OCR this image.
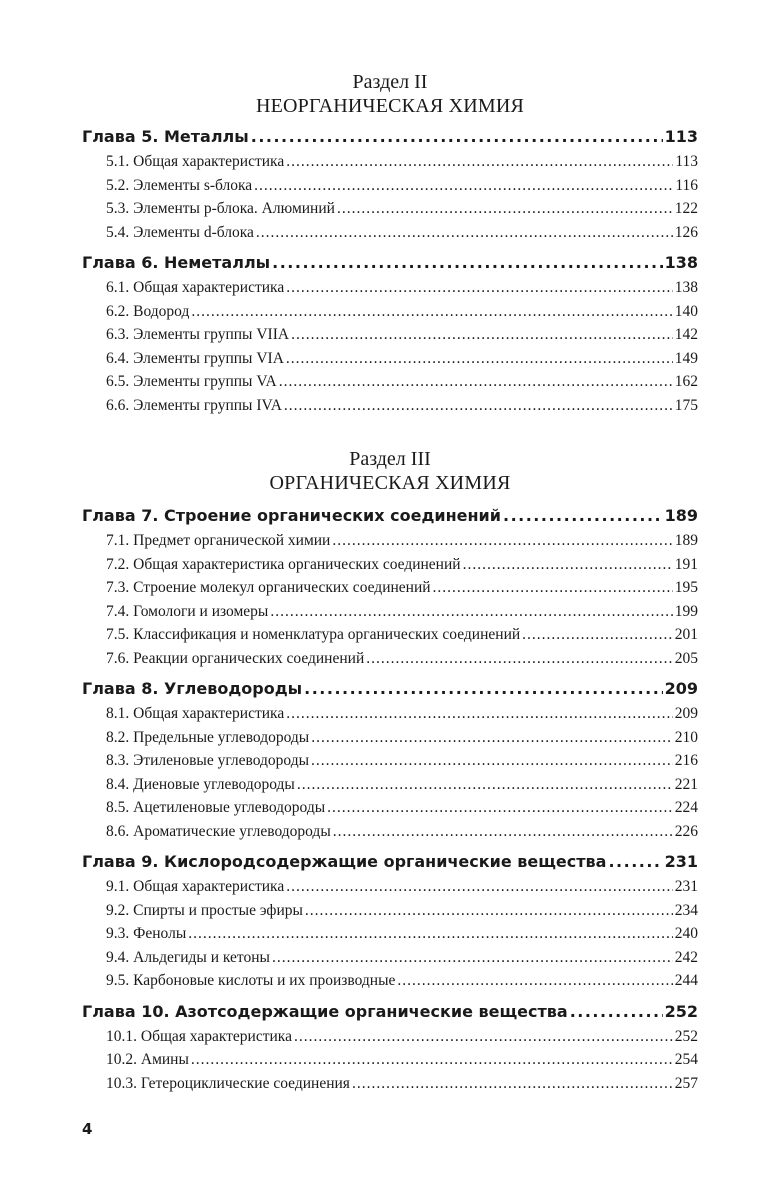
Раздел II
НЕОРГАНИЧЕСКАЯ ХИМИЯ
Глава 5. Металлы .....	113
5.1. Общая характеристика .....	113
5.2. Элементы s-блока .....	116
5.3. Элементы p-блока. Алюминий .....	122
5.4. Элементы d-блока .....	126
Глава 6. Неметаллы .....	138
6.1. Общая характеристика .....	138
6.2. Водород .....	140
6.3. Элементы группы VIIA .....	142
6.4. Элементы группы VIA .....	149
6.5. Элементы группы VA .....	162
6.6. Элементы группы IVA .....	175
Раздел III
ОРГАНИЧЕСКАЯ ХИМИЯ
Глава 7. Строение органических соединений .....	189
7.1. Предмет органической химии .....	189
7.2. Общая характеристика органических соединений .....	191
7.3. Строение молекул органических соединений .....	195
7.4. Гомологи и изомеры .....	199
7.5. Классификация и номенклатура органических соединений .....	201
7.6. Реакции органических соединений .....	205
Глава 8. Углеводороды .....	209
8.1. Общая характеристика .....	209
8.2. Предельные углеводороды .....	210
8.3. Этиленовые углеводороды .....	216
8.4. Диеновые углеводороды .....	221
8.5. Ацетиленовые углеводороды .....	224
8.6. Ароматические углеводороды .....	226
Глава 9. Кислородсодержащие органические вещества .....	231
9.1. Общая характеристика .....	231
9.2. Спирты и простые эфиры .....	234
9.3. Фенолы .....	240
9.4. Альдегиды и кетоны .....	242
9.5. Карбоновые кислоты и их производные .....	244
Глава 10. Азотсодержащие органические вещества .....	252
10.1. Общая характеристика .....	252
10.2. Амины .....	254
10.3. Гетероциклические соединения .....	257
4
